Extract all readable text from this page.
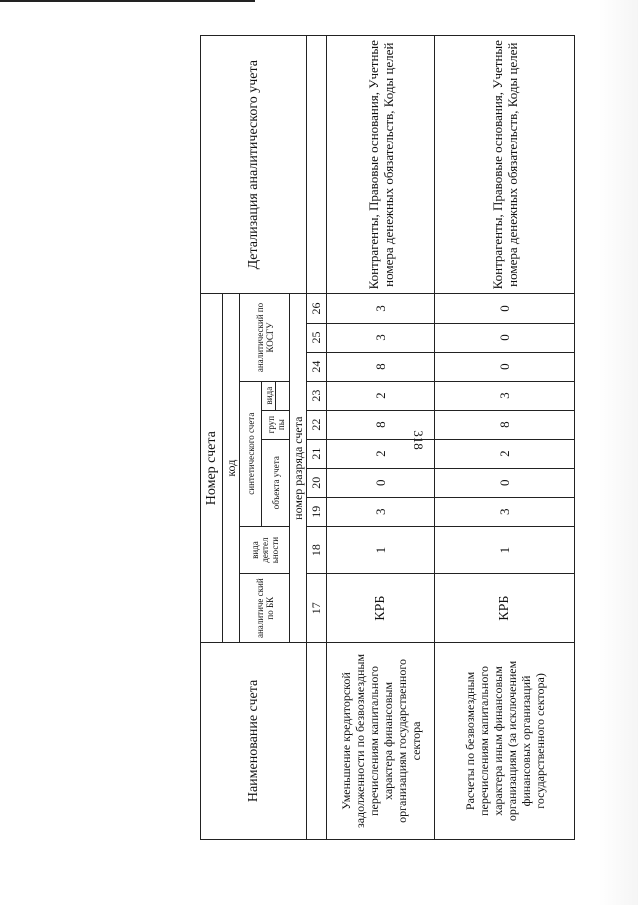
318
Наименование счета	Номер счета										Детализация аналитического учета
	код										
	аналитиче ский по БК	вида деятел ьности	синтетического счета					аналитический по КОСГУ			
			объекта учета			груп пы	вида				

	номер разряда счета										
	17	18	19	20	21	22	23	24	25	26	
Уменьшение кредиторской задолженности по безвозмездным перечислениям капитального характера финансовым организациям государственного сектора	КРБ	1	3	0	2	8	2	8	3	3	Контрагенты, Правовые основания, Учетные номера денежных обязательств, Коды целей
Расчеты по безвозмездным перечислениям капитального характера иным финансовым организациям (за исключением финансовых организаций государственного сектора)	КРБ	1	3	0	2	8	3	0	0	0	Контрагенты, Правовые основания, Учетные номера денежных обязательств, Коды целей
